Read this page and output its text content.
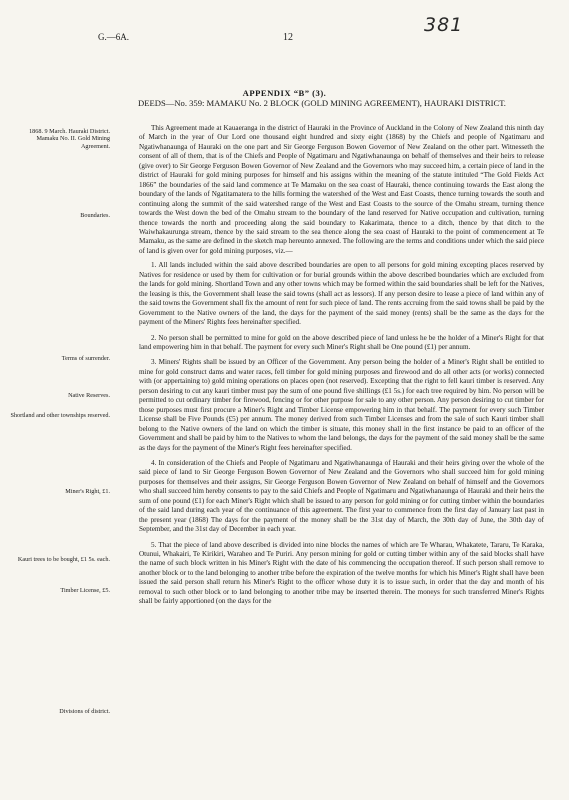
G.—6A.	12
381
APPENDIX “B” (3).
DEEDS—No. 359: MAMAKU No. 2 BLOCK (GOLD MINING AGREEMENT), HAURAKI DISTRICT.
1868. 9 March. Hauraki District. Mamaku No. II. Gold Mining Agreement.
Boundaries.
Terms of surrender.
Native Reserves.
Shortland and other townships reserved.
Miner's Right, £1.
Kauri trees to be bought, £1 5s. each.
Timber License, £5.
Divisions of district.

This Agreement made at Kauaeranga in the district of Hauraki in the Province of Auckland in the Colony of New Zealand this ninth day of March in the year of Our Lord one thousand eight hundred and sixty eight (1868) by the Chiefs and people of Ngatimaru and Ngatiwhanaunga of Hauraki on the one part and Sir George Ferguson Bowen Governor of New Zealand on the other part. Witnesseth the consent of all of them, that is of the Chiefs and People of Ngatimaru and Ngatiwhanaunga on behalf of themselves and their heirs to release (give over) to Sir George Ferguson Bowen Governor of New Zealand and the Governors who may succeed him, a certain piece of land in the district of Hauraki for gold mining purposes for himself and his assigns within the meaning of the statute intituled “The Gold Fields Act 1866” the boundaries of the said land commence at Te Mamaku on the sea coast of Hauraki, thence continuing towards the East along the boundary of the lands of Ngatitamatera to the hills forming the watershed of the West and East Coasts, thence turning towards the south and continuing along the summit of the said watershed range of the West and East Coasts to the source of the Omahu stream, turning thence towards the West down the bed of the Omahu stream to the boundary of the land reserved for Native occupation and cultivation, turning thence towards the north and proceeding along the said boundary to Kakarimata, thence to a ditch, thence by that ditch to the Waiwhakaurunga stream, thence by the said stream to the sea thence along the sea coast of Hauraki to the point of commencement at Te Mamaku, as the same are defined in the sketch map hereunto annexed. The following are the terms and conditions under which the said piece of land is given over for gold mining purposes, viz.—

1. All lands included within the said above described boundaries are open to all persons for gold mining excepting places reserved by Natives for residence or used by them for cultivation or for burial grounds within the above described boundaries which are excluded from the lands for gold mining. Shortland Town and any other towns which may be formed within the said boundaries shall be left for the Natives, the leasing is this, the Government shall lease the said towns (shall act as lessors). If any person desire to lease a piece of land within any of the said towns the Government shall fix the amount of rent for such piece of land. The rents accruing from the said towns shall be paid by the Government to the Native owners of the land, the days for the payment of the said money (rents) shall be the same as the days for the payment of the Miners' Rights fees hereinafter specified.

2. No person shall be permitted to mine for gold on the above described piece of land unless he be the holder of a Miner's Right for that land empowering him in that behalf. The payment for every such Miner's Right shall be One pound (£1) per annum.

3. Miners' Rights shall be issued by an Officer of the Government. Any person being the holder of a Miner's Right shall be entitled to mine for gold construct dams and water races, fell timber for gold mining purposes and firewood and do all other acts (or works) connected with (or appertaining to) gold mining operations on places open (not reserved). Excepting that the right to fell kauri timber is reserved. Any person desiring to cut any kauri timber must pay the sum of one pound five shillings (£1 5s.) for each tree required by him. No person will be permitted to cut ordinary timber for firewood, fencing or for other purpose for sale to any other person. Any person desiring to cut timber for those purposes must first procure a Miner's Right and Timber License empowering him in that behalf. The payment for every such Timber License shall be Five Pounds (£5) per annum. The money derived from such Timber Licenses and from the sale of such Kauri timber shall belong to the Native owners of the land on which the timber is situate, this money shall in the first instance be paid to an officer of the Government and shall be paid by him to the Natives to whom the land belongs, the days for the payment of the said money shall be the same as the days for the payment of the Miner's Right fees hereinafter specified.

4. In consideration of the Chiefs and People of Ngatimaru and Ngatiwhanaunga of Hauraki and their heirs giving over the whole of the said piece of land to Sir George Ferguson Bowen Governor of New Zealand and the Governors who shall succeed him for gold mining purposes for themselves and their assigns, Sir George Ferguson Bowen Governor of New Zealand on behalf of himself and the Governors who shall succeed him hereby consents to pay to the said Chiefs and People of Ngatimaru and Ngatiwhanaunga of Hauraki and their heirs the sum of one pound (£1) for each Miner's Right which shall be issued to any person for gold mining or for cutting timber within the boundaries of the said land during each year of the continuance of this agreement. The first year to commence from the first day of January last past in the present year (1868) The days for the payment of the money shall be the 31st day of March, the 30th day of June, the 30th day of September, and the 31st day of December in each year.

5. That the piece of land above described is divided into nine blocks the names of which are Te Wharau, Whakatete, Tararu, Te Karaka, Otunui, Whakairi, Te Kirikiri, Waraheo and Te Puriri. Any person mining for gold or cutting timber within any of the said blocks shall have the name of such block written in his Miner's Right with the date of his commencing the occupation thereof. If such person shall remove to another block or to the land belonging to another tribe before the expiration of the twelve months for which his Miner's Right shall have been issued the said person shall return his Miner's Right to the officer whose duty it is to issue such, in order that the day and month of his removal to such other block or to land belonging to another tribe may be inserted therein. The moneys for such transferred Miner's Rights shall be fairly apportioned (on the days for the
